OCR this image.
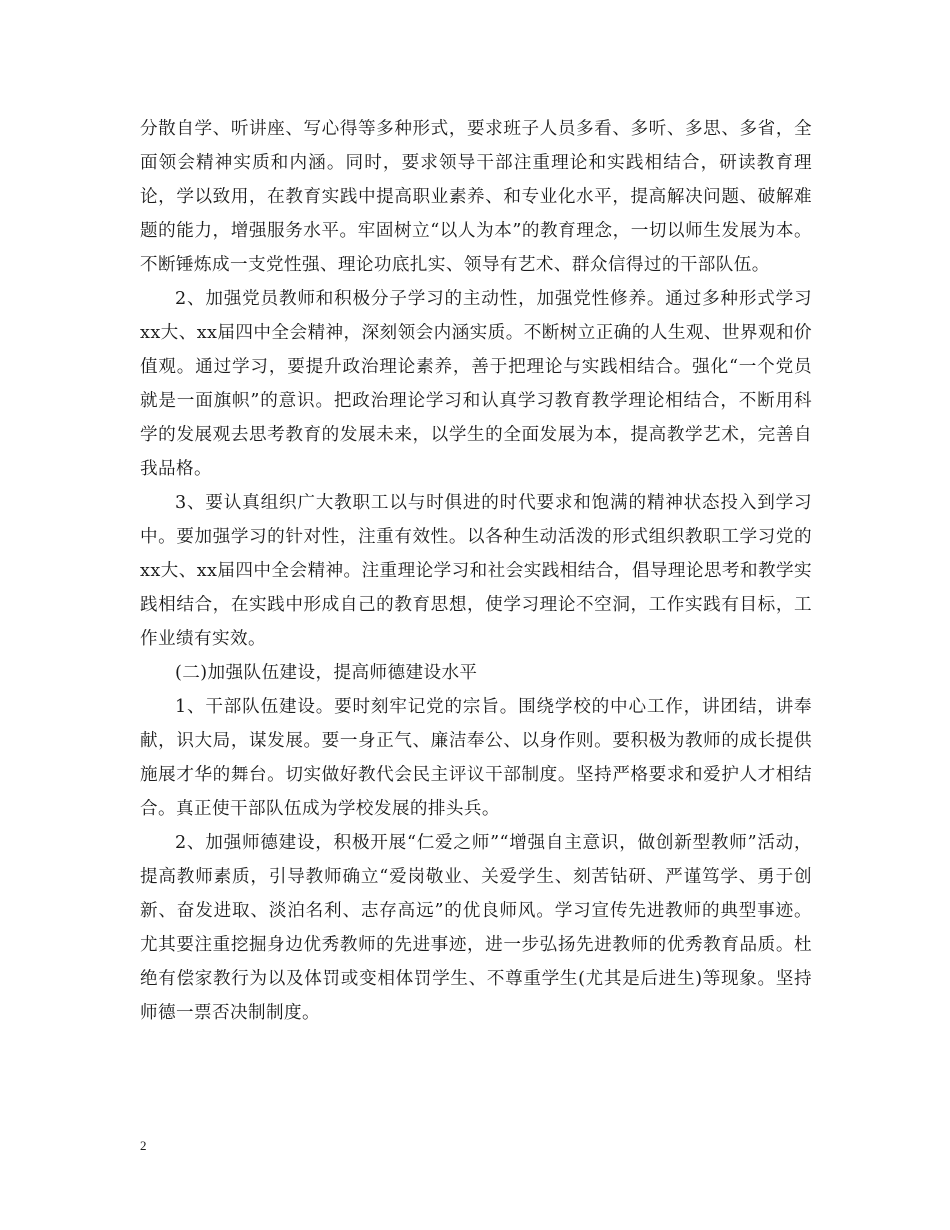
分散自学、听讲座、写心得等多种形式，要求班子人员多看、多听、多思、多省，全面领会精神实质和内涵。同时，要求领导干部注重理论和实践相结合，研读教育理论，学以致用，在教育实践中提高职业素养、和专业化水平，提高解决问题、破解难题的能力，增强服务水平。牢固树立“以人为本”的教育理念，一切以师生发展为本。不断锤炼成一支党性强、理论功底扎实、领导有艺术、群众信得过的干部队伍。

2、加强党员教师和积极分子学习的主动性，加强党性修养。通过多种形式学习xx大、xx届四中全会精神，深刻领会内涵实质。不断树立正确的人生观、世界观和价值观。通过学习，要提升政治理论素养，善于把理论与实践相结合。强化“一个党员就是一面旗帜”的意识。把政治理论学习和认真学习教育教学理论相结合，不断用科学的发展观去思考教育的发展未来，以学生的全面发展为本，提高教学艺术，完善自我品格。

3、要认真组织广大教职工以与时俱进的时代要求和饱满的精神状态投入到学习中。要加强学习的针对性，注重有效性。以各种生动活泼的形式组织教职工学习党的xx大、xx届四中全会精神。注重理论学习和社会实践相结合，倡导理论思考和教学实践相结合，在实践中形成自己的教育思想，使学习理论不空洞，工作实践有目标，工作业绩有实效。

(二)加强队伍建设，提高师德建设水平

1、干部队伍建设。要时刻牢记党的宗旨。围绕学校的中心工作，讲团结，讲奉献，识大局，谋发展。要一身正气、廉洁奉公、以身作则。要积极为教师的成长提供施展才华的舞台。切实做好教代会民主评议干部制度。坚持严格要求和爱护人才相结合。真正使干部队伍成为学校发展的排头兵。

2、加强师德建设，积极开展“仁爱之师”“增强自主意识，做创新型教师”活动，提高教师素质，引导教师确立“爱岗敬业、关爱学生、刻苦钻研、严谨笃学、勇于创新、奋发进取、淡泊名利、志存高远”的优良师风。学习宣传先进教师的典型事迹。尤其要注重挖掘身边优秀教师的先进事迹，进一步弘扬先进教师的优秀教育品质。杜绝有偿家教行为以及体罚或变相体罚学生、不尊重学生(尤其是后进生)等现象。坚持师德一票否决制制度。

2
